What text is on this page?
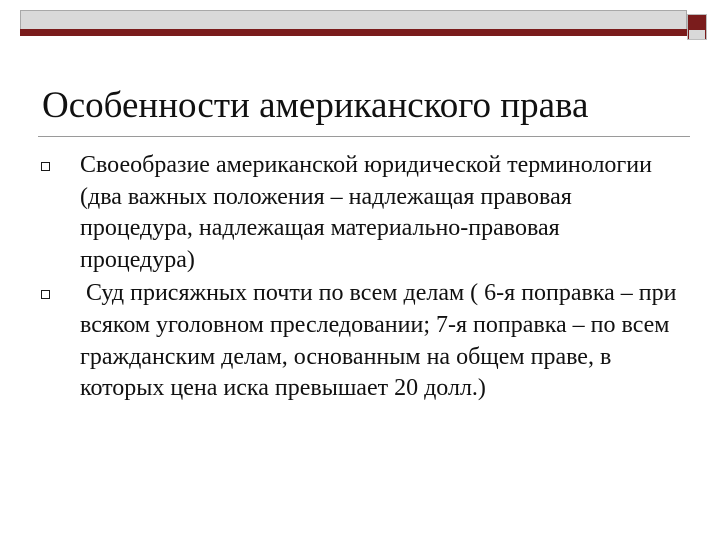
Особенности американского права
Своеобразие американской юридической терминологии (два важных положения – надлежащая правовая процедура, надлежащая материально-правовая процедура)
Суд присяжных почти по всем делам ( 6-я поправка – при всяком уголовном преследовании; 7-я поправка – по всем гражданским делам, основанным на общем праве, в которых цена иска превышает 20 долл.)
